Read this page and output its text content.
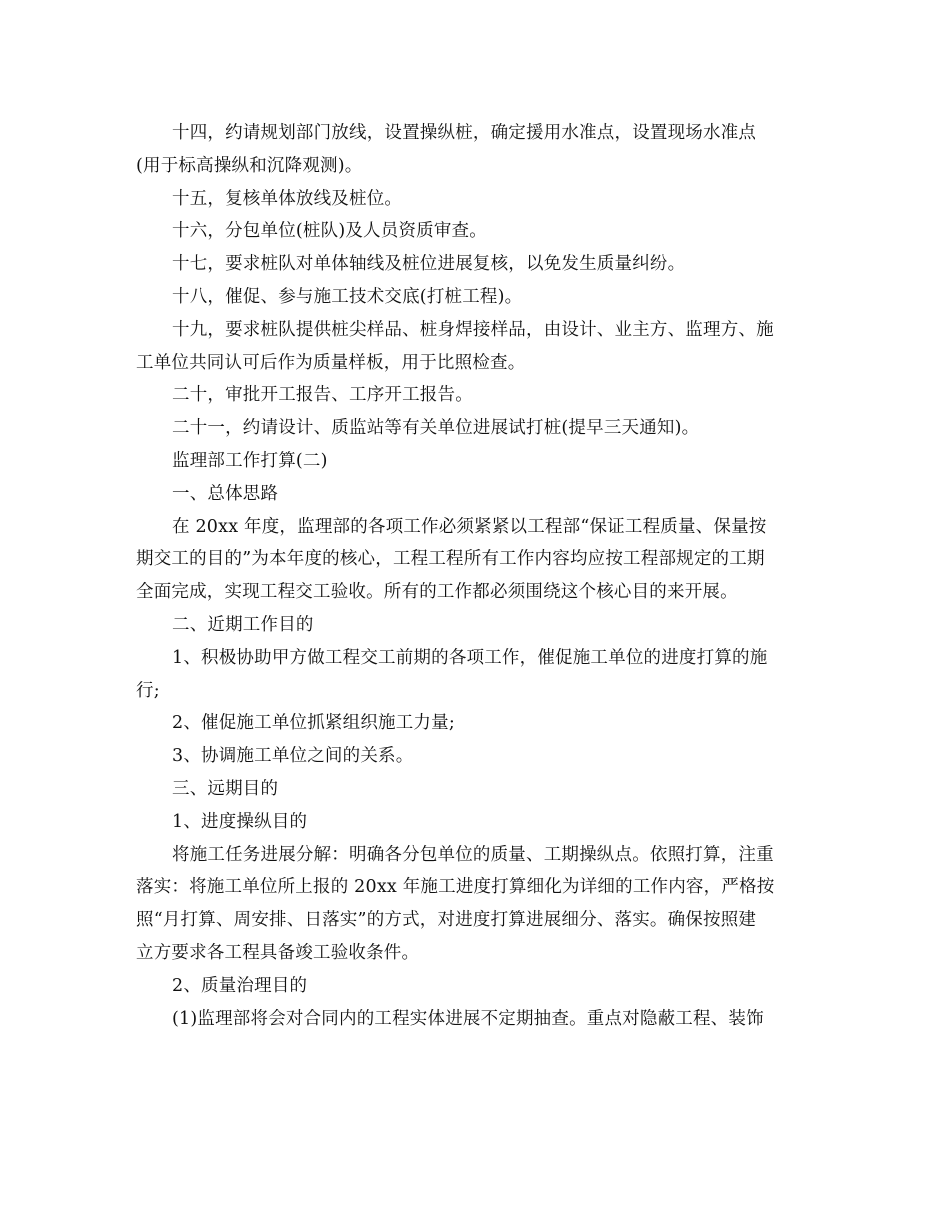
十四，约请规划部门放线，设置操纵桩，确定援用水准点，设置现场水准点
(用于标高操纵和沉降观测)。
十五，复核单体放线及桩位。
十六，分包单位(桩队)及人员资质审查。
十七，要求桩队对单体轴线及桩位进展复核，以免发生质量纠纷。
十八，催促、参与施工技术交底(打桩工程)。
十九，要求桩队提供桩尖样品、桩身焊接样品，由设计、业主方、监理方、施
工单位共同认可后作为质量样板，用于比照检查。
二十，审批开工报告、工序开工报告。
二十一，约请设计、质监站等有关单位进展试打桩(提早三天通知)。
监理部工作打算(二)
一、总体思路
在 20xx 年度，监理部的各项工作必须紧紧以工程部“保证工程质量、保量按
期交工的目的”为本年度的核心，工程工程所有工作内容均应按工程部规定的工期
全面完成，实现工程交工验收。所有的工作都必须围绕这个核心目的来开展。
二、近期工作目的
1、积极协助甲方做工程交工前期的各项工作，催促施工单位的进度打算的施
行;
2、催促施工单位抓紧组织施工力量;
3、协调施工单位之间的关系。
三、远期目的
1、进度操纵目的
将施工任务进展分解：明确各分包单位的质量、工期操纵点。依照打算，注重
落实：将施工单位所上报的 20xx 年施工进度打算细化为详细的工作内容，严格按
照“月打算、周安排、日落实”的方式，对进度打算进展细分、落实。确保按照建
立方要求各工程具备竣工验收条件。
2、质量治理目的
(1)监理部将会对合同内的工程实体进展不定期抽查。重点对隐蔽工程、装饰
